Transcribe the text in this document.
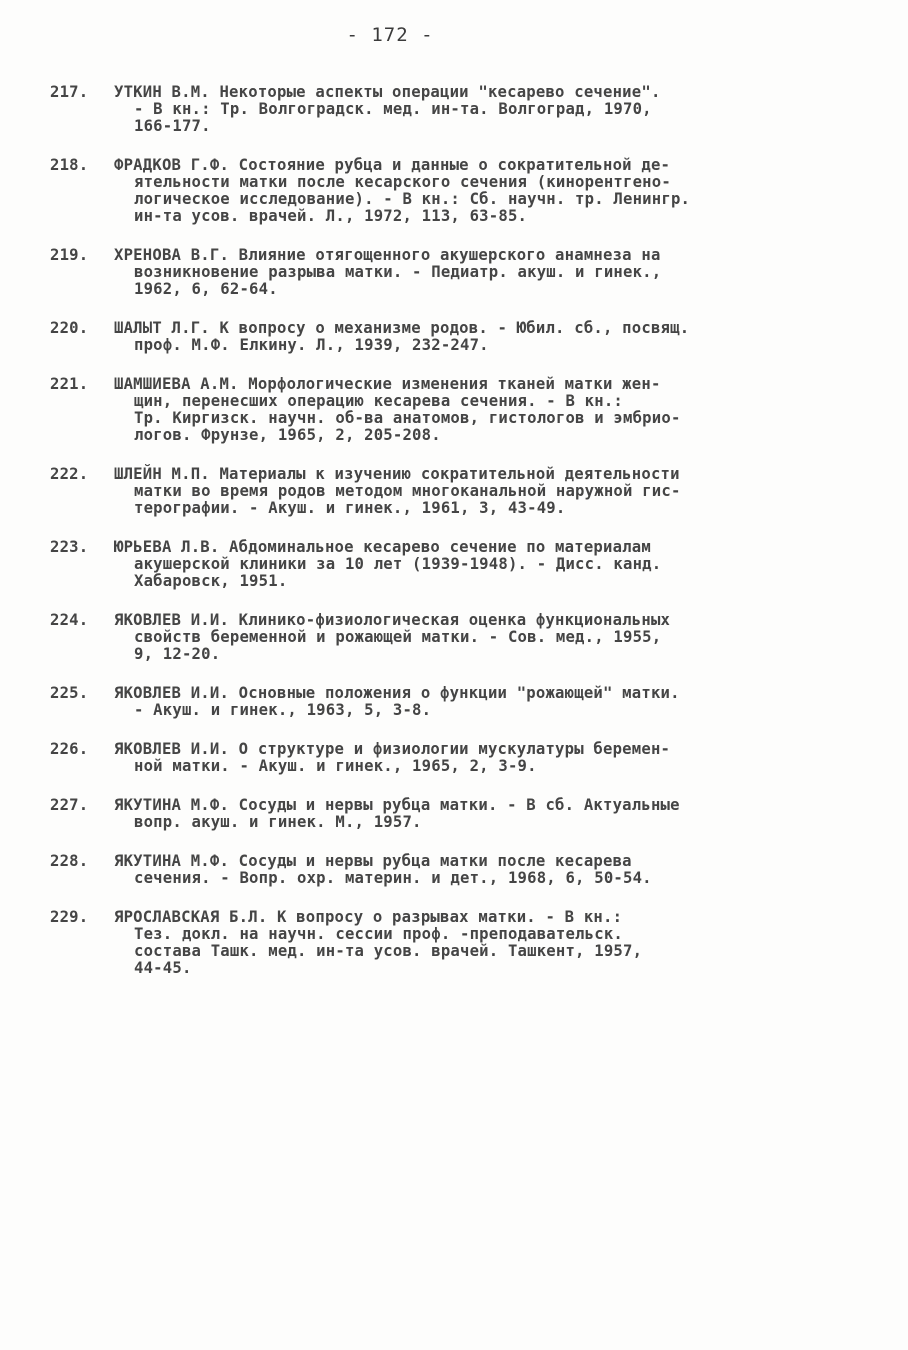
- 172 -
217.	УТКИН В.М. Некоторые аспекты операции "кесарево сечение".
- В кн.: Тр. Волгоградск. мед. ин-та. Волгоград, 1970,
166-177.
218.	ФРАДКОВ Г.Ф. Состояние рубца и данные о сократительной де-
ятельности матки после кесарского сечения (кинорентгено-
логическое исследование). - В кн.: Сб. научн. тр. Ленингр.
ин-та усов. врачей. Л., 1972, 113, 63-85.
219.	ХРЕНОВА В.Г. Влияние отягощенного акушерского анамнеза на
возникновение разрыва матки. - Педиатр. акуш. и гинек.,
1962, 6, 62-64.
220.	ШАЛЫТ Л.Г. К вопросу о механизме родов. - Юбил. сб., посвящ.
проф. М.Ф. Елкину. Л., 1939, 232-247.
221.	ШАМШИЕВА А.М. Морфологические изменения тканей матки жен-
щин, перенесших операцию кесарева сечения. - В кн.:
Тр. Киргизск. научн. об-ва анатомов, гистологов и эмбрио-
логов. Фрунзе, 1965, 2, 205-208.
222.	ШЛЕЙН М.П. Материалы к изучению сократительной деятельности
матки во время родов методом многоканальной наружной гис-
терографии. - Акуш. и гинек., 1961, 3, 43-49.
223.	ЮРЬЕВА Л.В. Абдоминальное кесарево сечение по материалам
акушерской клиники за 10 лет (1939-1948). - Дисс. канд.
Хабаровск, 1951.
224.	ЯКОВЛЕВ И.И. Клинико-физиологическая оценка функциональных
свойств беременной и рожающей матки. - Сов. мед., 1955,
9, 12-20.
225.	ЯКОВЛЕВ И.И. Основные положения о функции "рожающей" матки.
- Акуш. и гинек., 1963, 5, 3-8.
226.	ЯКОВЛЕВ И.И. О структуре и физиологии мускулатуры беремен-
ной матки. - Акуш. и гинек., 1965, 2, 3-9.
227.	ЯКУТИНА М.Ф. Сосуды и нервы рубца матки. - В сб. Актуальные
вопр. акуш. и гинек. М., 1957.
228.	ЯКУТИНА М.Ф. Сосуды и нервы рубца матки после кесарева
сечения. - Вопр. охр. материн. и дет., 1968, 6, 50-54.
229.	ЯРОСЛАВСКАЯ Б.Л. К вопросу о разрывах матки. - В кн.:
Тез. докл. на научн. сессии проф. -преподавательск.
состава Ташк. мед. ин-та усов. врачей. Ташкент, 1957,
44-45.
